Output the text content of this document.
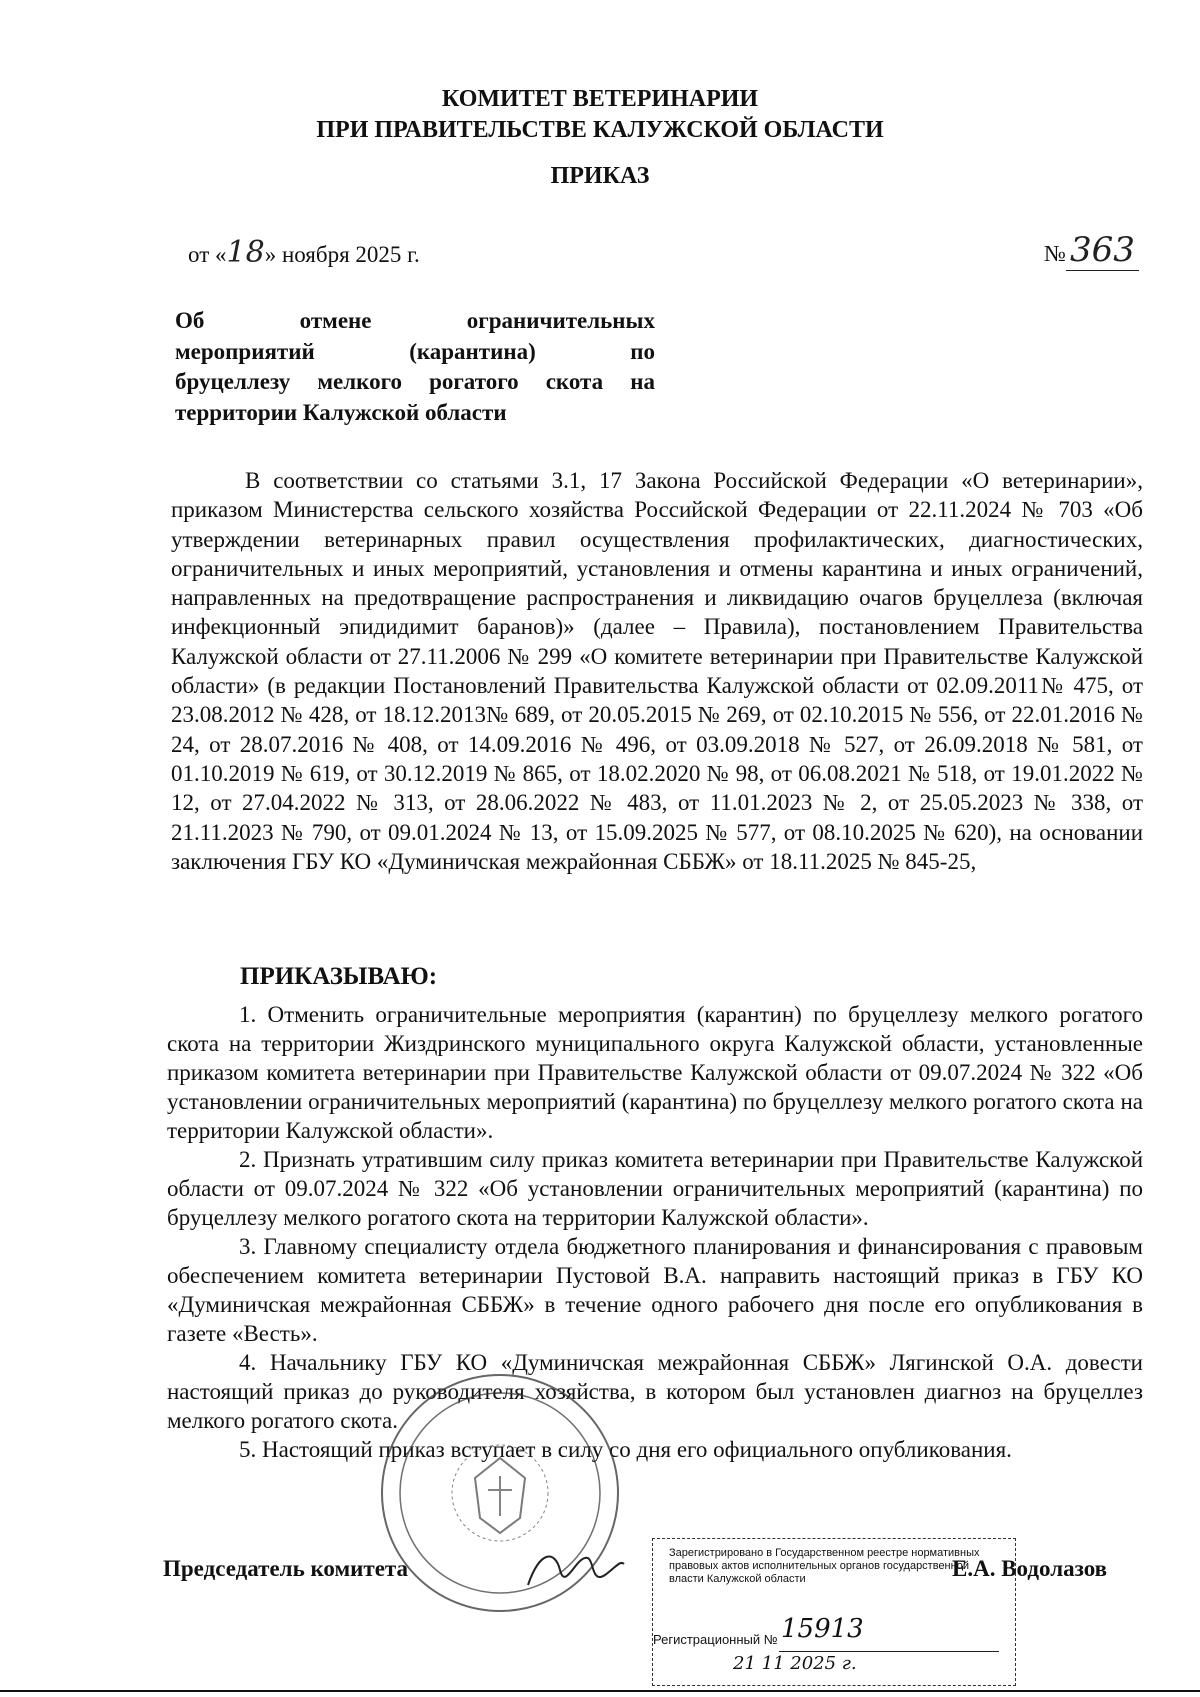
КОМИТЕТ ВЕТЕРИНАРИИ
ПРИ ПРАВИТЕЛЬСТВЕ КАЛУЖСКОЙ ОБЛАСТИ
ПРИКАЗ
от «18» ноября 2025 г.	№ 363
Об отмене ограничительных
мероприятий (карантина) по
бруцеллезу мелкого рогатого скота на
территории Калужской области

В соответствии со статьями 3.1, 17 Закона Российской Федерации «О ветеринарии», приказом Министерства сельского хозяйства Российской Федерации от 22.11.2024 № 703 «Об утверждении ветеринарных правил осуществления профилактических, диагностических, ограничительных и иных мероприятий, установления и отмены карантина и иных ограничений, направленных на предотвращение распространения и ликвидацию очагов бруцеллеза (включая инфекционный эпидидимит баранов)» (далее – Правила), постановлением Правительства Калужской области от 27.11.2006 № 299 «О комитете ветеринарии при Правительстве Калужской области» (в редакции Постановлений Правительства Калужской области от 02.09.2011№ 475, от 23.08.2012 № 428, от 18.12.2013№ 689, от 20.05.2015 № 269, от 02.10.2015 № 556, от 22.01.2016 № 24, от 28.07.2016 № 408, от 14.09.2016 № 496, от 03.09.2018 № 527, от 26.09.2018 № 581, от 01.10.2019 № 619, от 30.12.2019 № 865, от 18.02.2020 № 98, от 06.08.2021 № 518, от 19.01.2022 № 12, от 27.04.2022 № 313, от 28.06.2022 № 483, от 11.01.2023 № 2, от 25.05.2023 № 338, от 21.11.2023 № 790, от 09.01.2024 № 13, от 15.09.2025 № 577, от 08.10.2025 № 620), на основании заключения ГБУ КО «Думиничская межрайонная СББЖ» от 18.11.2025 № 845-25,

ПРИКАЗЫВАЮ:

1. Отменить ограничительные мероприятия (карантин) по бруцеллезу мелкого рогатого скота на территории Жиздринского муниципального округа Калужской области, установленные приказом комитета ветеринарии при Правительстве Калужской области от 09.07.2024 № 322 «Об установлении ограничительных мероприятий (карантина) по бруцеллезу мелкого рогатого скота на территории Калужской области».

2. Признать утратившим силу приказ комитета ветеринарии при Правительстве Калужской области от 09.07.2024 № 322 «Об установлении ограничительных мероприятий (карантина) по бруцеллезу мелкого рогатого скота на территории Калужской области».

3. Главному специалисту отдела бюджетного планирования и финансирования с правовым обеспечением комитета ветеринарии Пустовой В.А. направить настоящий приказ в ГБУ КО «Думиничская межрайонная СББЖ» в течение одного рабочего дня после его опубликования в газете «Весть».

4. Начальнику ГБУ КО «Думиничская межрайонная СББЖ» Лягинской О.А. довести настоящий приказ до руководителя хозяйства, в котором был установлен диагноз на бруцеллез мелкого рогатого скота.

5. Настоящий приказ вступает в силу со дня его официального опубликования.

Зарегистрировано в Государственном реестре нормативных правовых актов исполнительных органов государственной власти Калужской области
Регистрационный № 15913
21 11 2025 г.
Председатель комитета	Е.А. Водолазов
